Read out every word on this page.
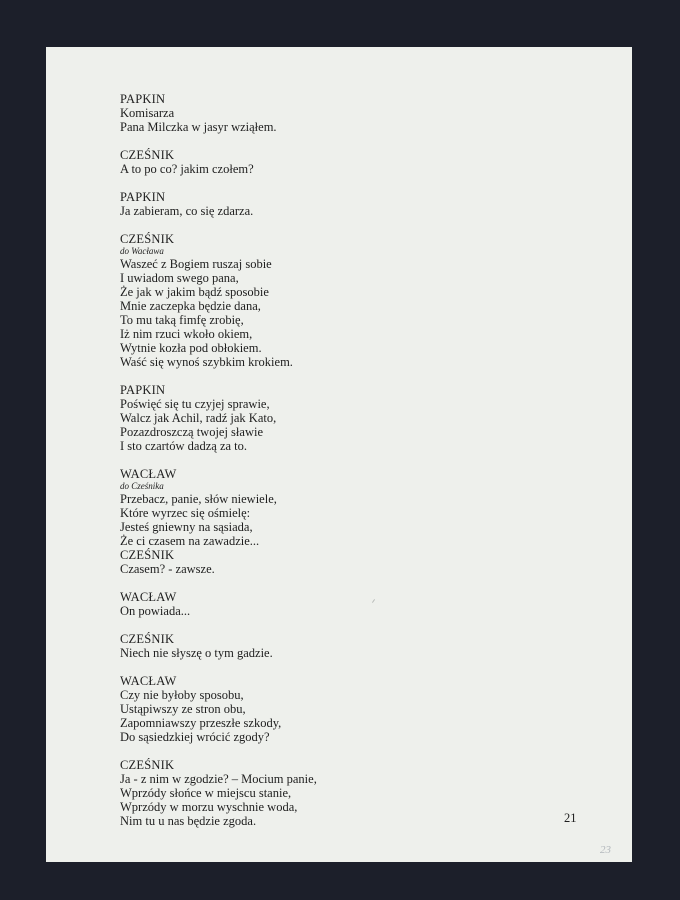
PAPKIN
Komisarza
Pana Milczka w jasyr wziąłem.
CZEŚNIK
A to po co? jakim czołem?
PAPKIN
Ja zabieram, co się zdarza.
CZEŚNIK
do Wacława
Waszeć z Bogiem ruszaj sobie
I uwiadom swego pana,
Że jak w jakim bądź sposobie
Mnie zaczepka będzie dana,
To mu taką fimfę zrobię,
Iż nim rzuci wkoło okiem,
Wytnie kozła pod obłokiem.
Waść się wynoś szybkim krokiem.
PAPKIN
Poświęć się tu czyjej sprawie,
Walcz jak Achil, radź jak Kato,
Pozazdroszczą twojej sławie
I sto czartów dadzą za to.
WACŁAW
do Cześnika
Przebacz, panie, słów niewiele,
Które wyrzec się ośmielę:
Jesteś gniewny na sąsiada,
Że ci czasem na zawadzie...
CZEŚNIK
Czasem? - zawsze.
WACŁAW
On powiada...
CZEŚNIK
Niech nie słyszę o tym gadzie.
WACŁAW
Czy nie byłoby sposobu,
Ustąpiwszy ze stron obu,
Zapomniawszy przeszłe szkody,
Do sąsiedzkiej wrócić zgody?
CZEŚNIK
Ja - z nim w zgodzie? – Mocium panie,
Wprzódy słońce w miejscu stanie,
Wprzódy w morzu wyschnie woda,
Nim tu u nas będzie zgoda.	21
23
